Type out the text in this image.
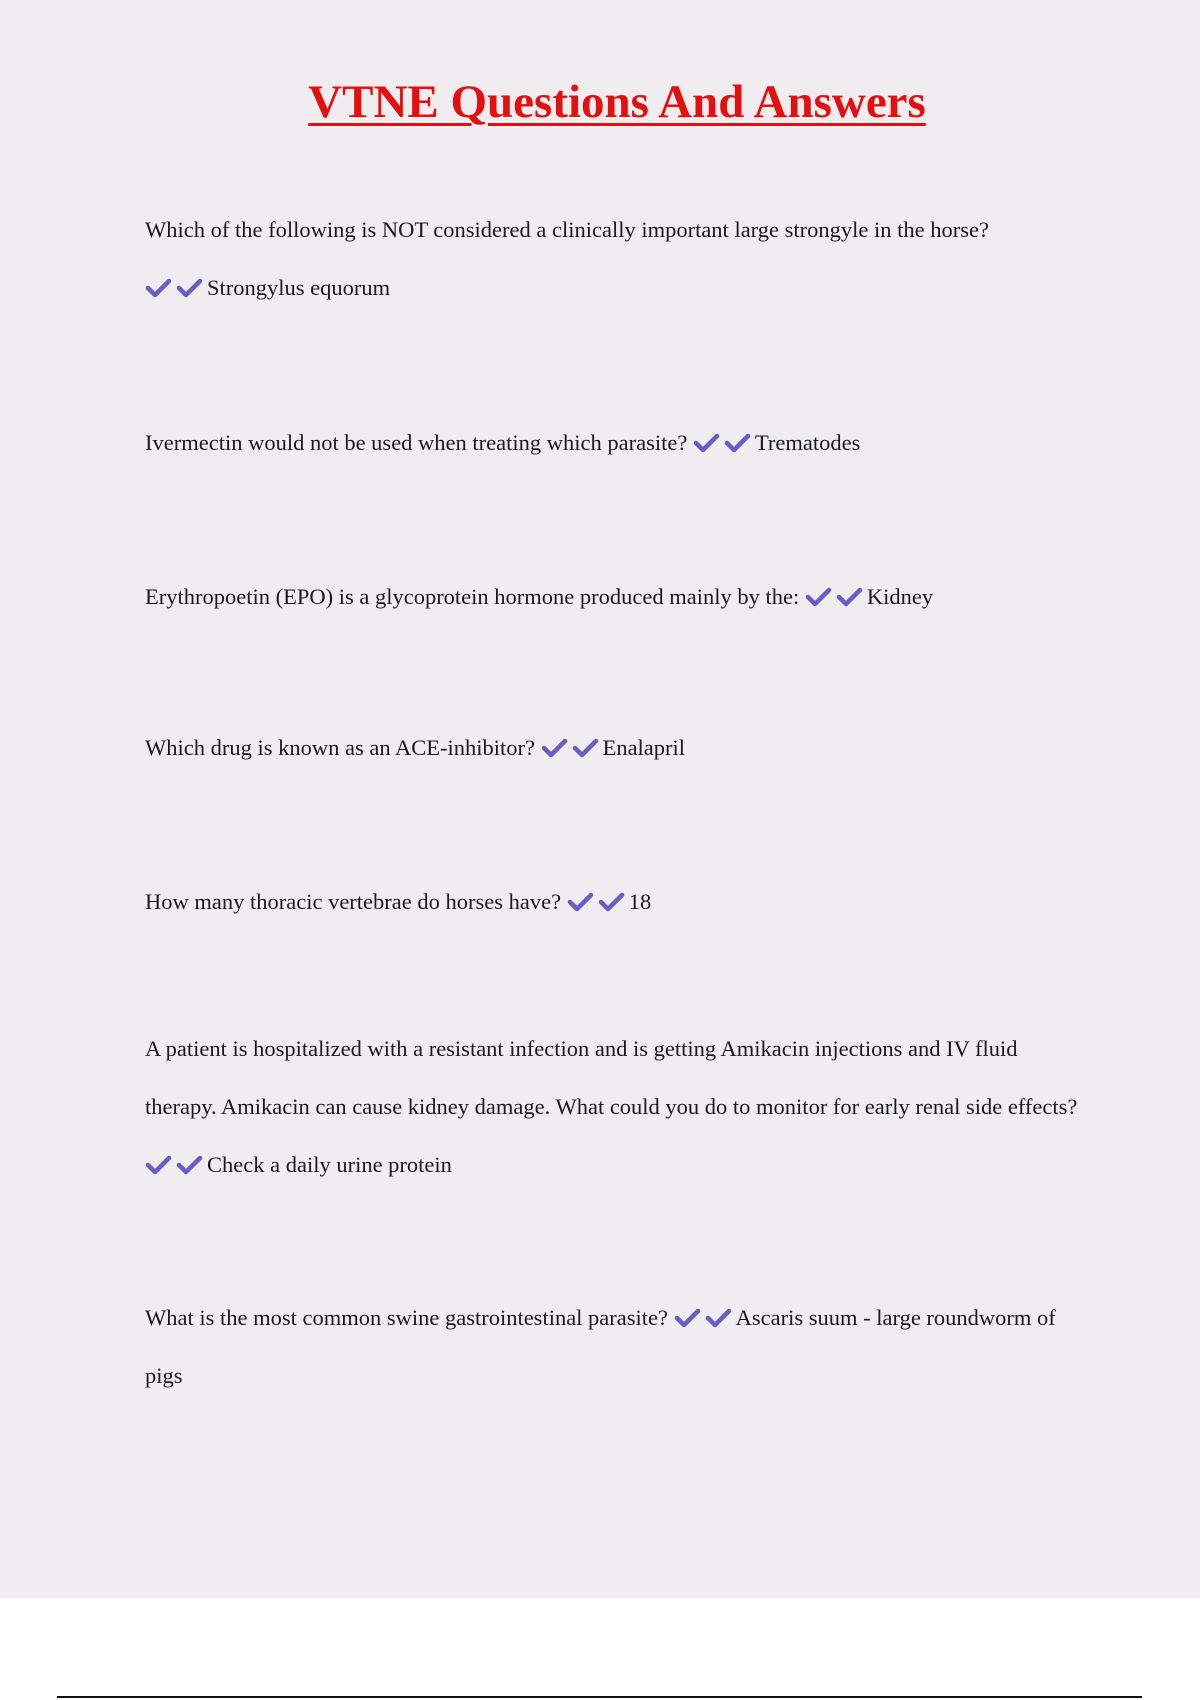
VTNE Questions And Answers

Which of the following is NOT considered a clinically important large strongyle in the horse?

Strongylus equorum

Ivermectin would not be used when treating which parasite?	Trematodes

Erythropoetin (EPO) is a glycoprotein hormone produced mainly by the:	Kidney

Which drug is known as an ACE-inhibitor?	Enalapril

How many thoracic vertebrae do horses have?	18

A patient is hospitalized with a resistant infection and is getting Amikacin injections and IV fluid therapy. Amikacin can cause kidney damage. What could you do to monitor for early renal side effects?
Check a daily urine protein

What is the most common swine gastrointestinal parasite?	Ascaris suum - large roundworm of pigs
